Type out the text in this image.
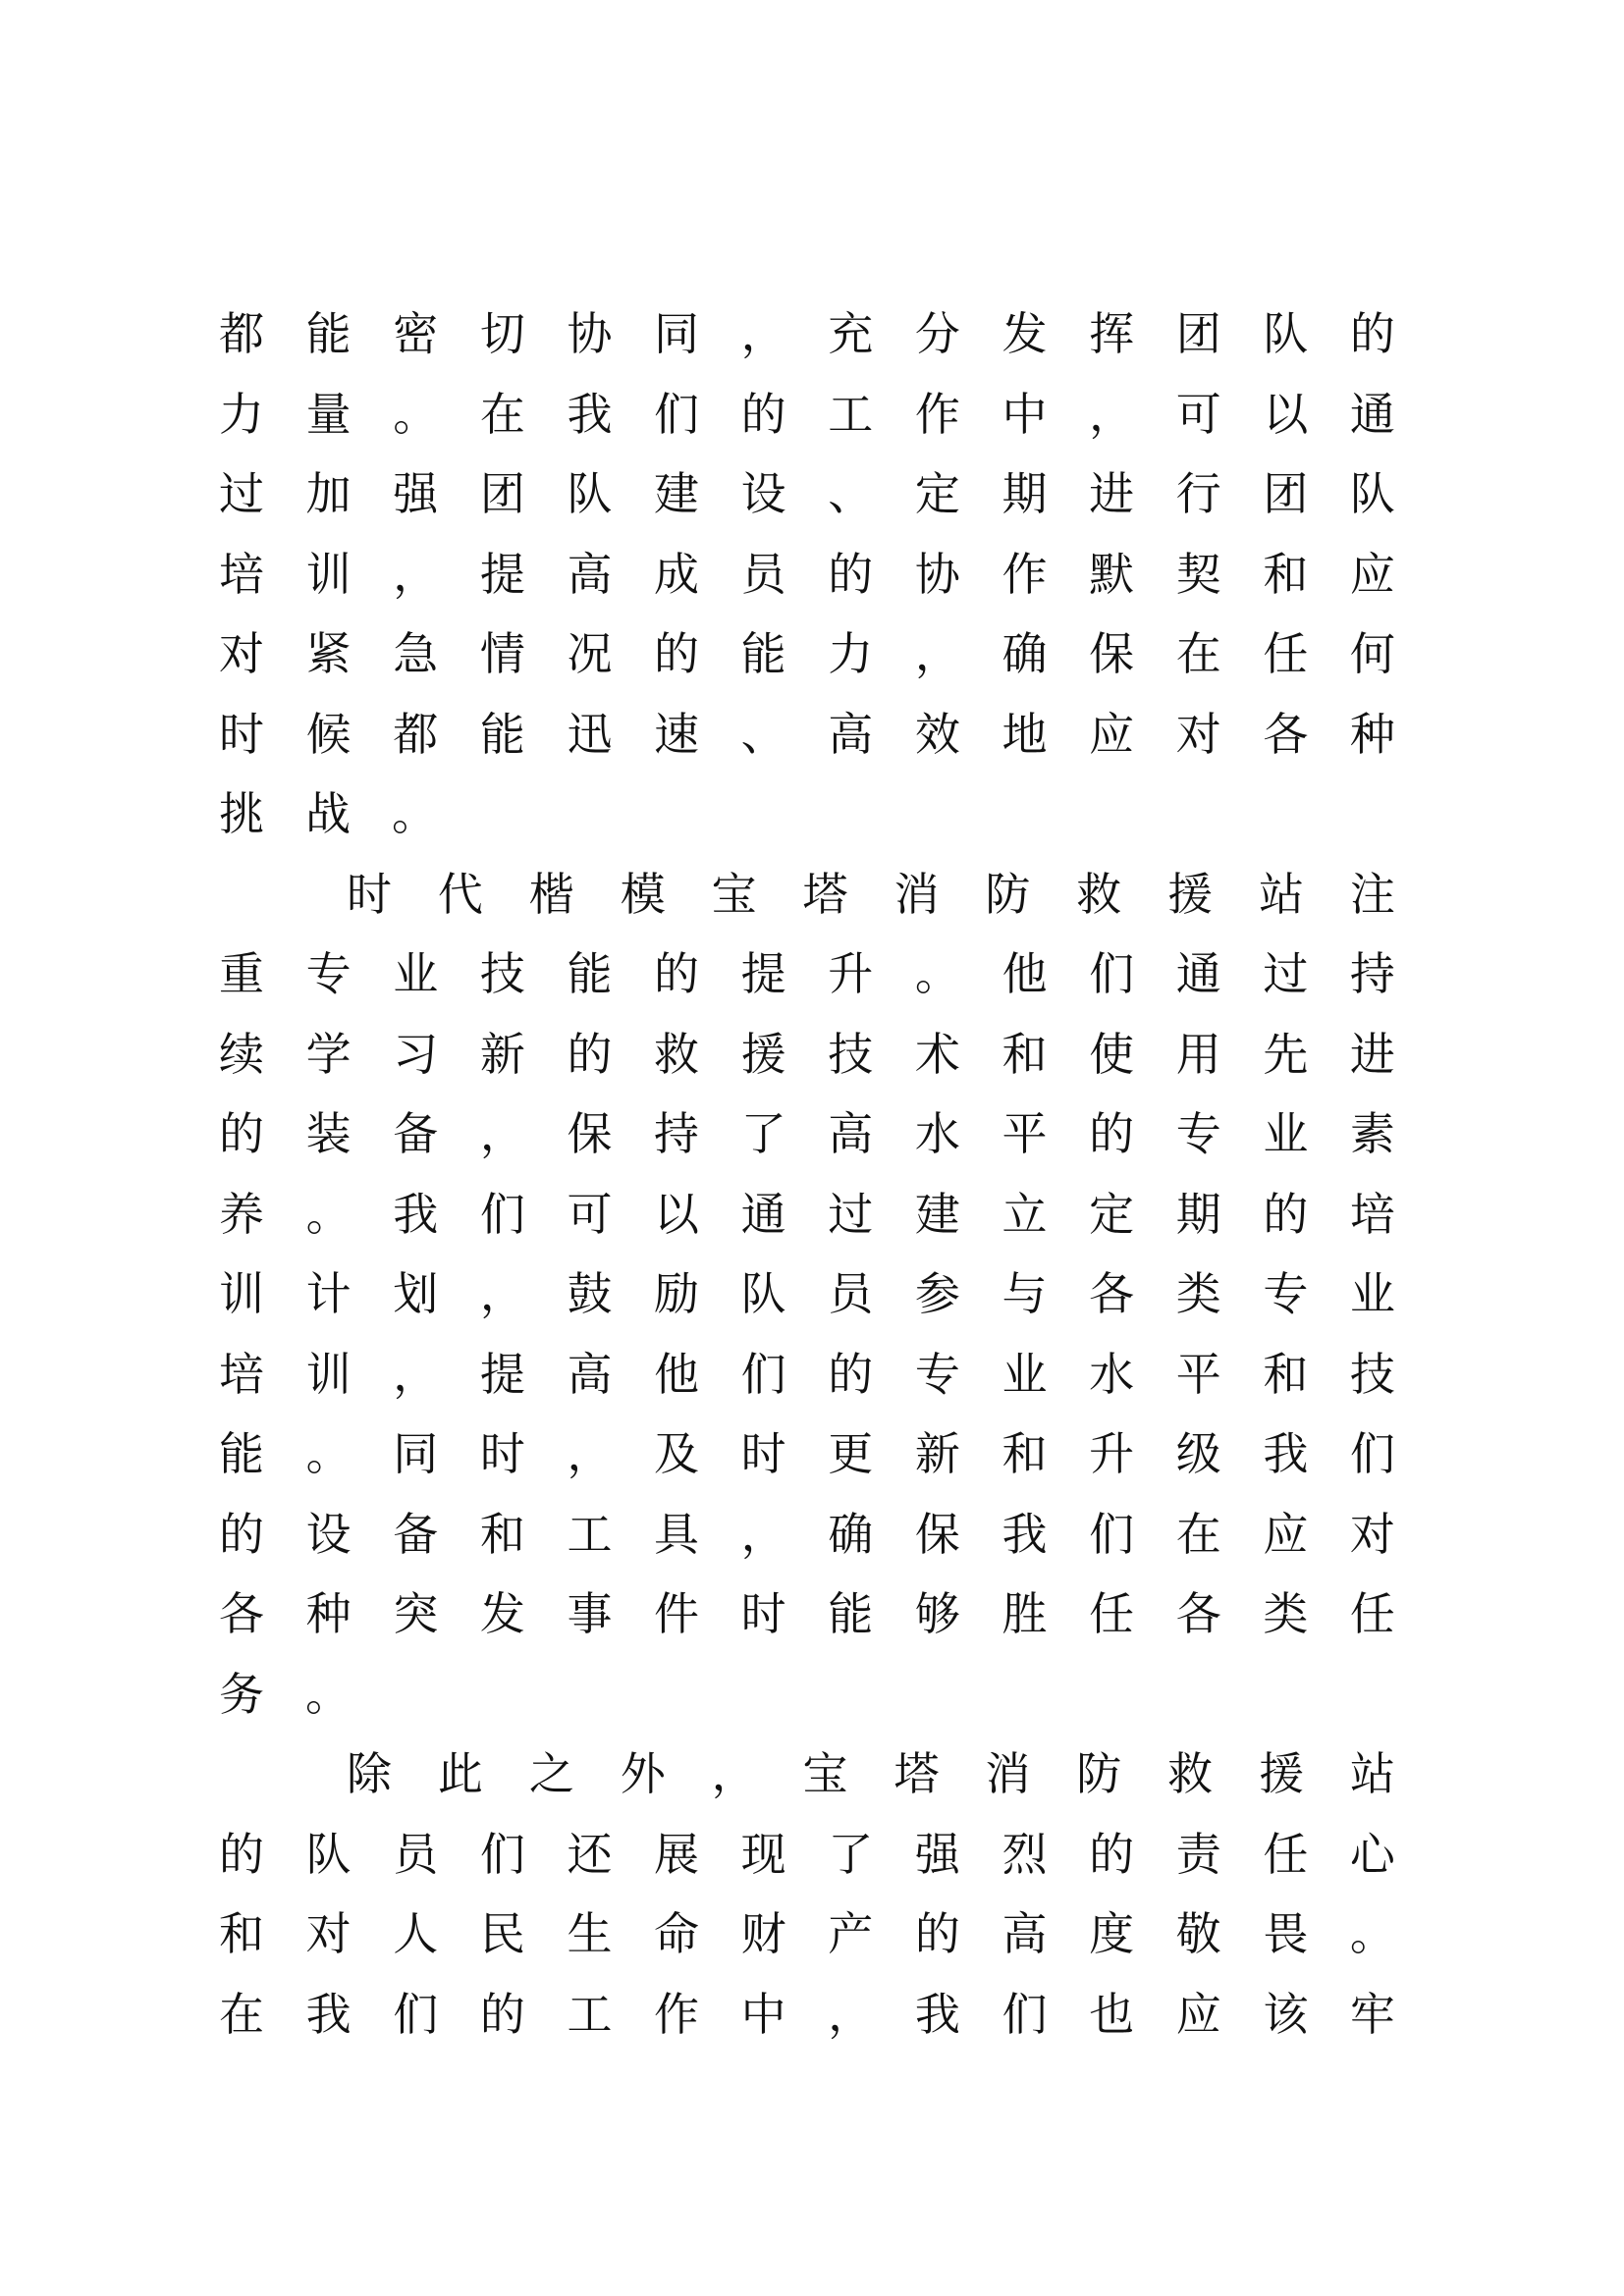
都 能 密 切 协 同 ， 充 分 发 挥 团 队 的
力 量 。 在 我 们 的 工 作 中 ， 可 以 通
过 加 强 团 队 建 设 、 定 期 进 行 团 队
培 训 ， 提 高 成 员 的 协 作 默 契 和 应
对 紧 急 情 况 的 能 力 ， 确 保 在 任 何
时 候 都 能 迅 速 、 高 效 地 应 对 各 种
挑 战 。
时 代 楷 模 宝 塔 消 防 救 援 站 注
重 专 业 技 能 的 提 升 。 他 们 通 过 持
续 学 习 新 的 救 援 技 术 和 使 用 先 进
的 装 备 ， 保 持 了 高 水 平 的 专 业 素
养 。 我 们 可 以 通 过 建 立 定 期 的 培
训 计 划 ， 鼓 励 队 员 参 与 各 类 专 业
培 训 ， 提 高 他 们 的 专 业 水 平 和 技
能 。 同 时 ， 及 时 更 新 和 升 级 我 们
的 设 备 和 工 具 ， 确 保 我 们 在 应 对
各 种 突 发 事 件 时 能 够 胜 任 各 类 任
务 。
除 此 之 外 ， 宝 塔 消 防 救 援 站
的 队 员 们 还 展 现 了 强 烈 的 责 任 心
和 对 人 民 生 命 财 产 的 高 度 敬 畏 。
在 我 们 的 工 作 中 ， 我 们 也 应 该 牢
